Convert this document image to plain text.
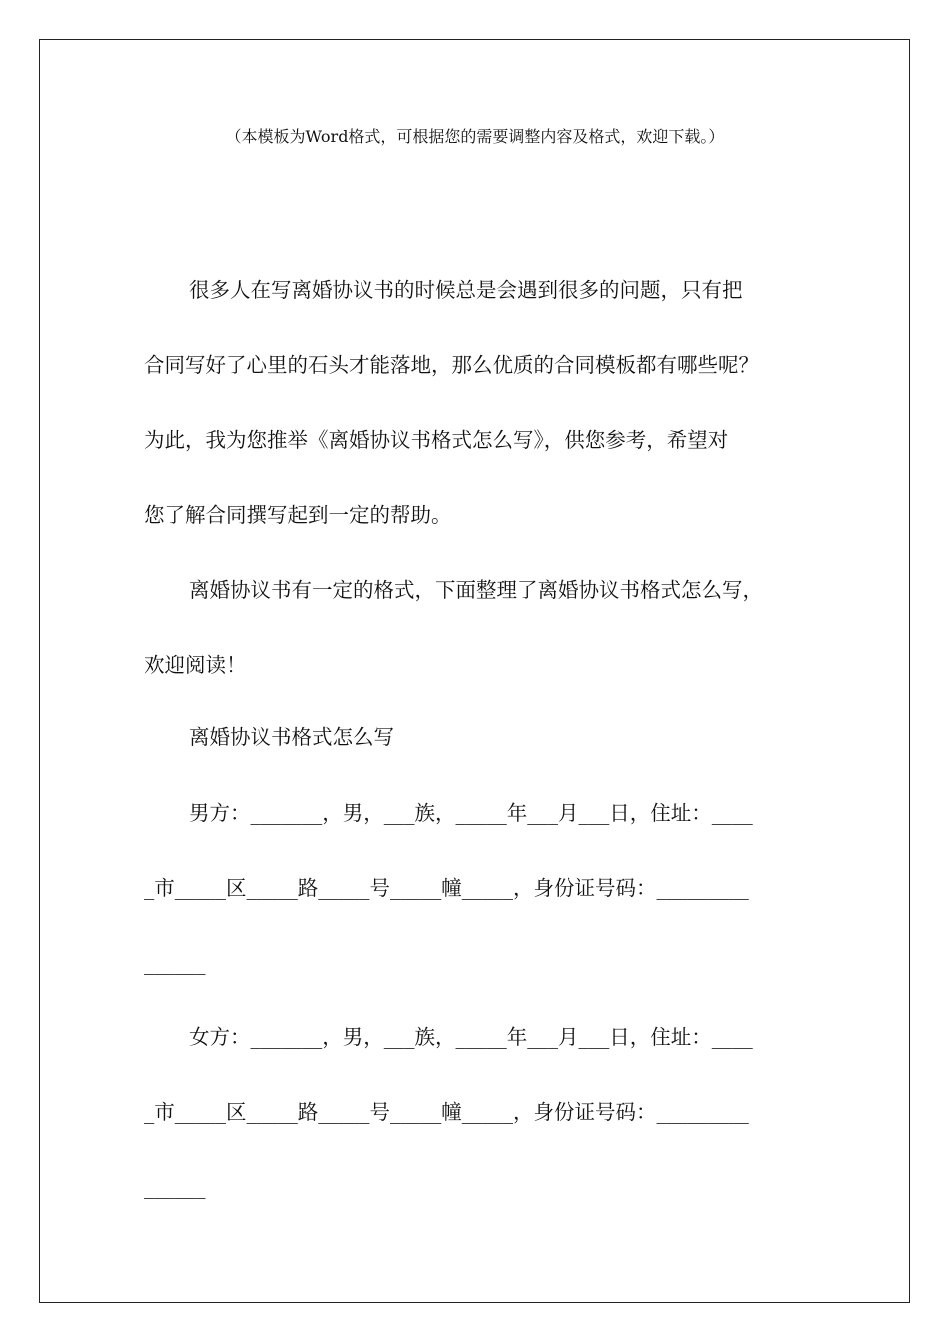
（本模板为Word格式，可根据您的需要调整内容及格式，欢迎下载。）
很多人在写离婚协议书的时候总是会遇到很多的问题，只有把
合同写好了心里的石头才能落地，那么优质的合同模板都有哪些呢？
为此，我为您推举《离婚协议书格式怎么写》，供您参考，希望对
您了解合同撰写起到一定的帮助。
离婚协议书有一定的格式，下面整理了离婚协议书格式怎么写，
欢迎阅读！
离婚协议书格式怎么写
男方：_______，男，___族，_____年___月___日，住址：____
_市_____区_____路_____号_____幢_____，身份证号码：_________
______
女方：_______，男，___族，_____年___月___日，住址：____
_市_____区_____路_____号_____幢_____，身份证号码：_________
______
